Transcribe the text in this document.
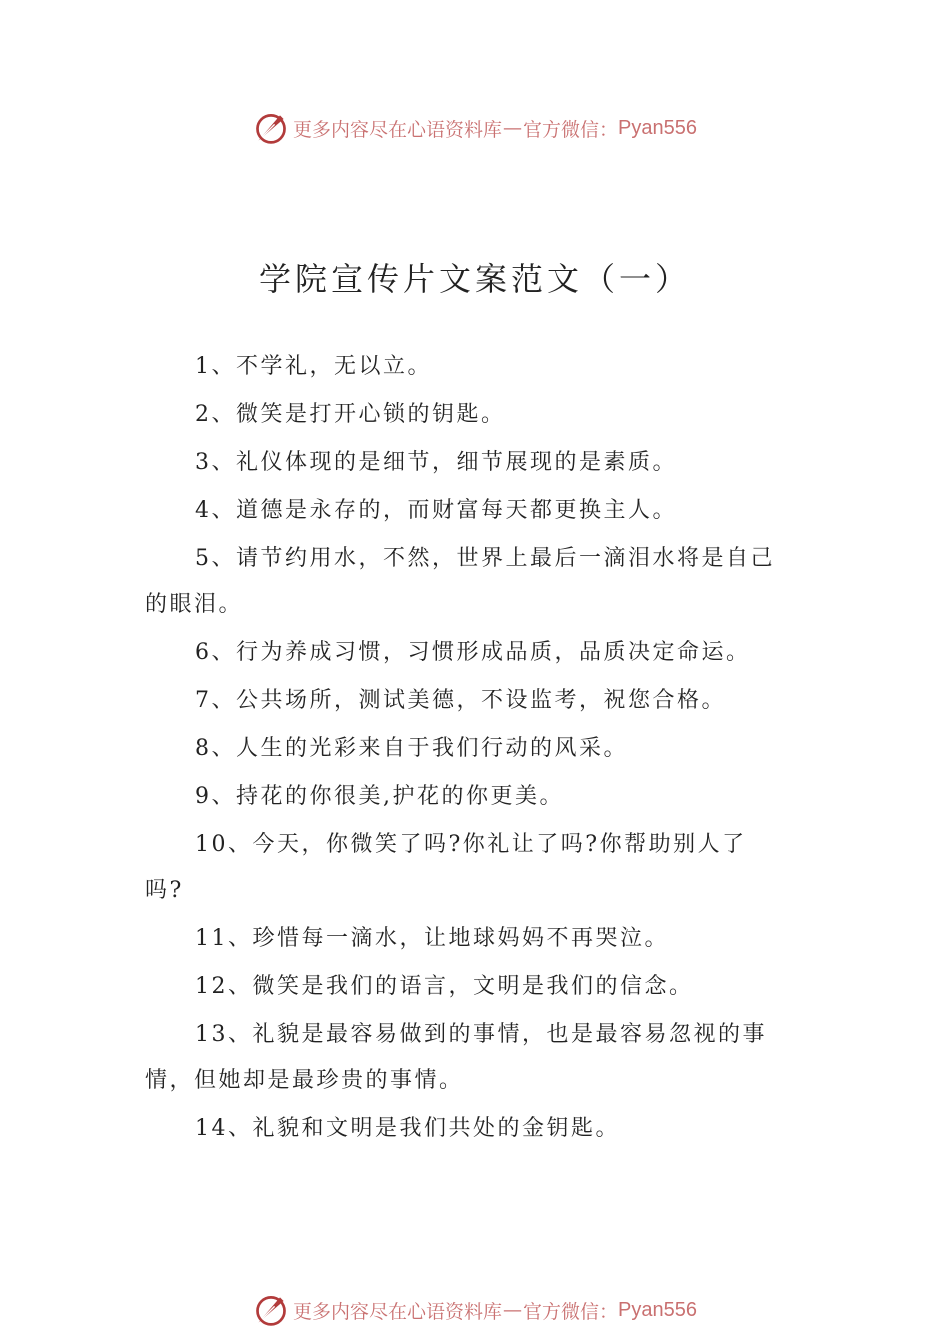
更多内容尽在心语资料库 — 官方微信： Pyan556
学院宣传片文案范文（一）

1、不学礼，无以立。

2、微笑是打开心锁的钥匙。

3、礼仪体现的是细节，细节展现的是素质。

4、道德是永存的，而财富每天都更换主人。

5、请节约用水，不然，世界上最后一滴泪水将是自己的眼泪。

6、行为养成习惯，习惯形成品质，品质决定命运。

7、公共场所，测试美德，不设监考，祝您合格。

8、人生的光彩来自于我们行动的风采。

9、持花的你很美,护花的你更美。

10、今天，你微笑了吗?你礼让了吗?你帮助别人了吗?

11、珍惜每一滴水，让地球妈妈不再哭泣。

12、微笑是我们的语言，文明是我们的信念。

13、礼貌是最容易做到的事情，也是最容易忽视的事情，但她却是最珍贵的事情。

14、礼貌和文明是我们共处的金钥匙。

更多内容尽在心语资料库 — 官方微信： Pyan556
